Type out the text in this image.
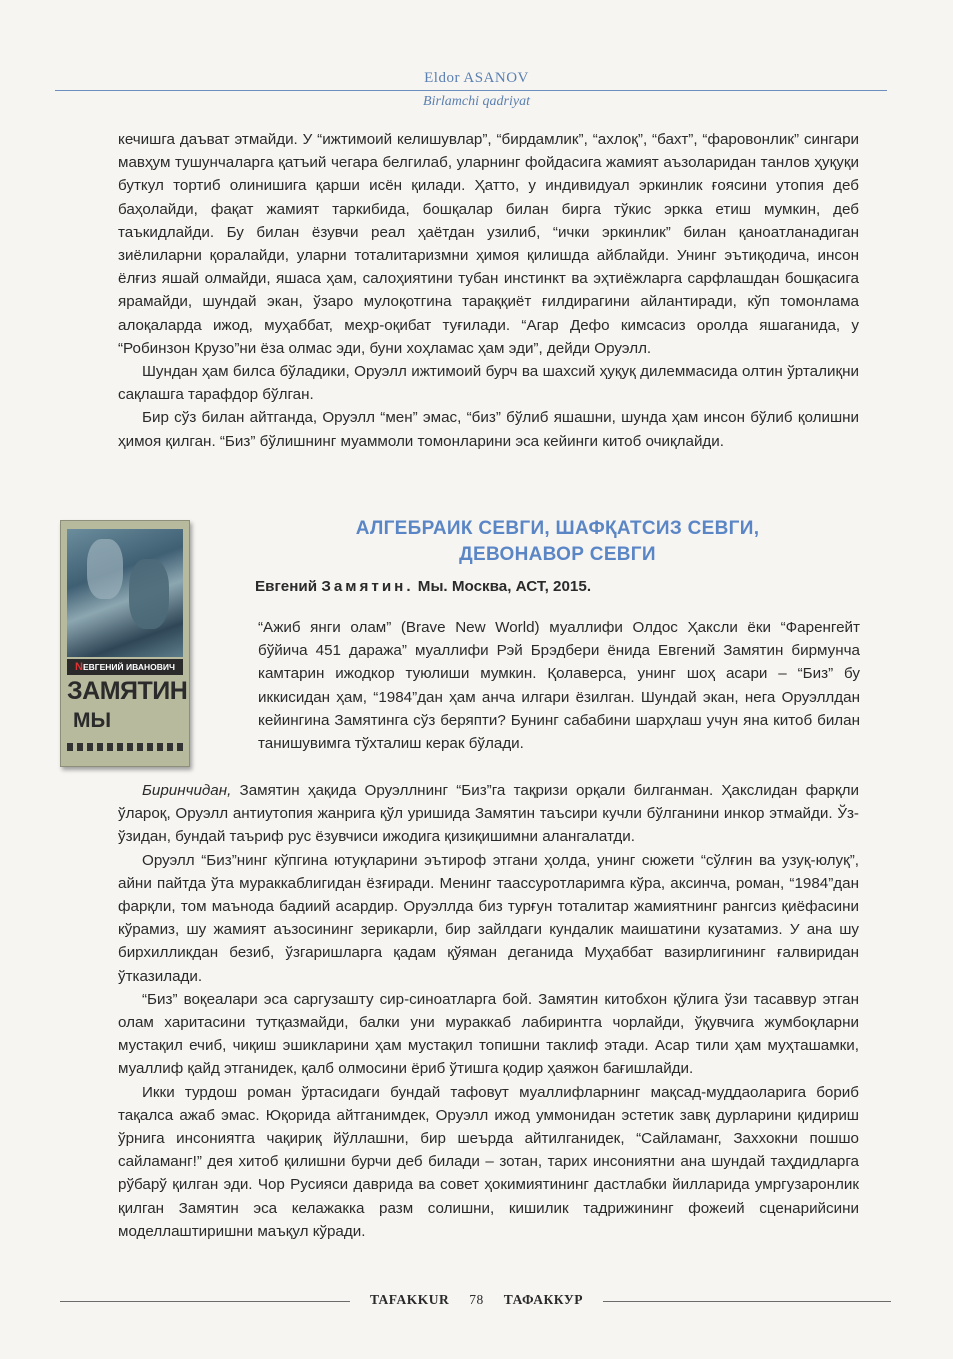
Eldor ASANOV
Birlamchi qadriyat

кечишга даъват этмайди. У “ижтимоий келишувлар”, “бирдамлик”, “ахлоқ”, “бахт”, “фаровонлик” сингари мавҳум тушунчаларга қатъий чегара белгилаб, уларнинг фойдасига жамият аъзоларидан танлов ҳуқуқи буткул тортиб олинишига қарши исён қилади. Ҳатто, у индивидуал эркинлик ғоясини утопия деб баҳолайди, фақат жамият таркибида, бошқалар билан бирга тўкис эркка етиш мумкин, деб таъкидлайди. Бу билан ёзувчи реал ҳаётдан узилиб, “ички эркинлик” билан қаноатланадиган зиёлиларни қоралайди, уларни тоталитаризмни ҳимоя қилишда айблайди. Унинг эътиқодича, инсон ёлғиз яшай олмайди, яшаса ҳам, салоҳиятини тубан инстинкт ва эҳтиёжларга сарфлашдан бошқасига ярамайди, шундай экан, ўзаро мулоқотгина тараққиёт ғилдирагини айлантиради, кўп томонлама алоқаларда ижод, муҳаббат, меҳр-оқибат туғилади. “Агар Дефо кимсасиз оролда яшаганида, у “Робинзон Крузо”ни ёза олмас эди, буни хоҳламас ҳам эди”, дейди Оруэлл.

Шундан ҳам билса бўладики, Оруэлл ижтимоий бурч ва шахсий ҳуқуқ дилеммасида олтин ўрталиқни сақлашга тарафдор бўлган.

Бир сўз билан айтганда, Оруэлл “мен” эмас, “биз” бўлиб яшашни, шунда ҳам инсон бўлиб қолишни ҳимоя қилган. “Биз” бўлишнинг муаммоли томонларини эса кейинги китоб очиқлайди.

NЕВГЕНИЙ ИВАНОВИЧ
ЗАМЯТИН
МЫ
АЛГЕБРАИК СЕВГИ, ШАФҚАТСИЗ СЕВГИ,
ДЕВОНАВОР СЕВГИ
Евгений Замятин. Мы. Москва, АСТ, 2015.

“Ажиб янги олам” (Brave New World) муаллифи Олдос Ҳаксли ёки “Фаренгейт бўйича 451 даража” муаллифи Рэй Брэдбери ёнида Евгений Замятин бирмунча камтарин ижодкор туюлиши мумкин. Қолаверса, унинг шоҳ асари – “Биз” бу иккисидан ҳам, “1984”дан ҳам анча илгари ёзилган. Шундай экан, нега Оруэллдан кейингина Замятинга сўз беряпти? Бунинг сабабини шарҳлаш учун яна китоб билан танишувимга тўхталиш керак бўлади.

Биринчидан, Замятин ҳақида Оруэллнинг “Биз”га тақризи орқали билганман. Ҳакслидан фарқли ўлароқ, Оруэлл антиутопия жанрига қўл уришида Замятин таъсири кучли бўлганини инкор этмайди. Ўз-ўзидан, бундай таъриф рус ёзувчиси ижодига қизиқишимни алангалатди.

Оруэлл “Биз”нинг кўпгина ютуқларини эътироф этгани ҳолда, унинг сюжети “сўлғин ва узуқ-юлуқ”, айни пайтда ўта мураккаблигидан ёзғиради. Менинг таассуротларимга кўра, аксинча, роман, “1984”дан фарқли, том маънода бадиий асардир. Оруэллда биз турғун тоталитар жамиятнинг рангсиз қиёфасини кўрамиз, шу жамият аъзосининг зерикарли, бир зайлдаги кундалик маишатини кузатамиз. У ана шу бирхилликдан безиб, ўзгаришларга қадам қўяман деганида Муҳаббат вазирлигининг ғалвиридан ўтказилади.

“Биз” воқеалари эса саргузашту сир-синоатларга бой. Замятин китобхон қўлига ўзи тасаввур этган олам харитасини тутқазмайди, балки уни мураккаб лабиринтга чорлайди, ўқувчига жумбоқларни мустақил ечиб, чиқиш эшикларини ҳам мустақил топишни таклиф этади. Асар тили ҳам муҳташамки, муаллиф қайд этганидек, қалб олмосини ёриб ўтишга қодир ҳаяжон бағишлайди.

Икки турдош роман ўртасидаги бундай тафовут муаллифларнинг мақсад-муддаоларига бориб тақалса ажаб эмас. Юқорида айтганимдек, Оруэлл ижод уммонидан эстетик завқ дурларини қидириш ўрнига инсониятга чақириқ йўллашни, бир шеърда айтилганидек, “Сайламанг, Заххокни пошшо сайламанг!” дея хитоб қилишни бурчи деб билади – зотан, тарих инсониятни ана шундай таҳдидларга рўбарў қилган эди. Чор Русияси даврида ва совет ҳокимиятининг дастлабки йилларида умргузаронлик қилган Замятин эса келажакка разм солишни, кишилик тадрижининг фожеий сценарийсини моделлаштиришни маъқул кўради.

TAFAKKUR 78 ТАФАККУР
